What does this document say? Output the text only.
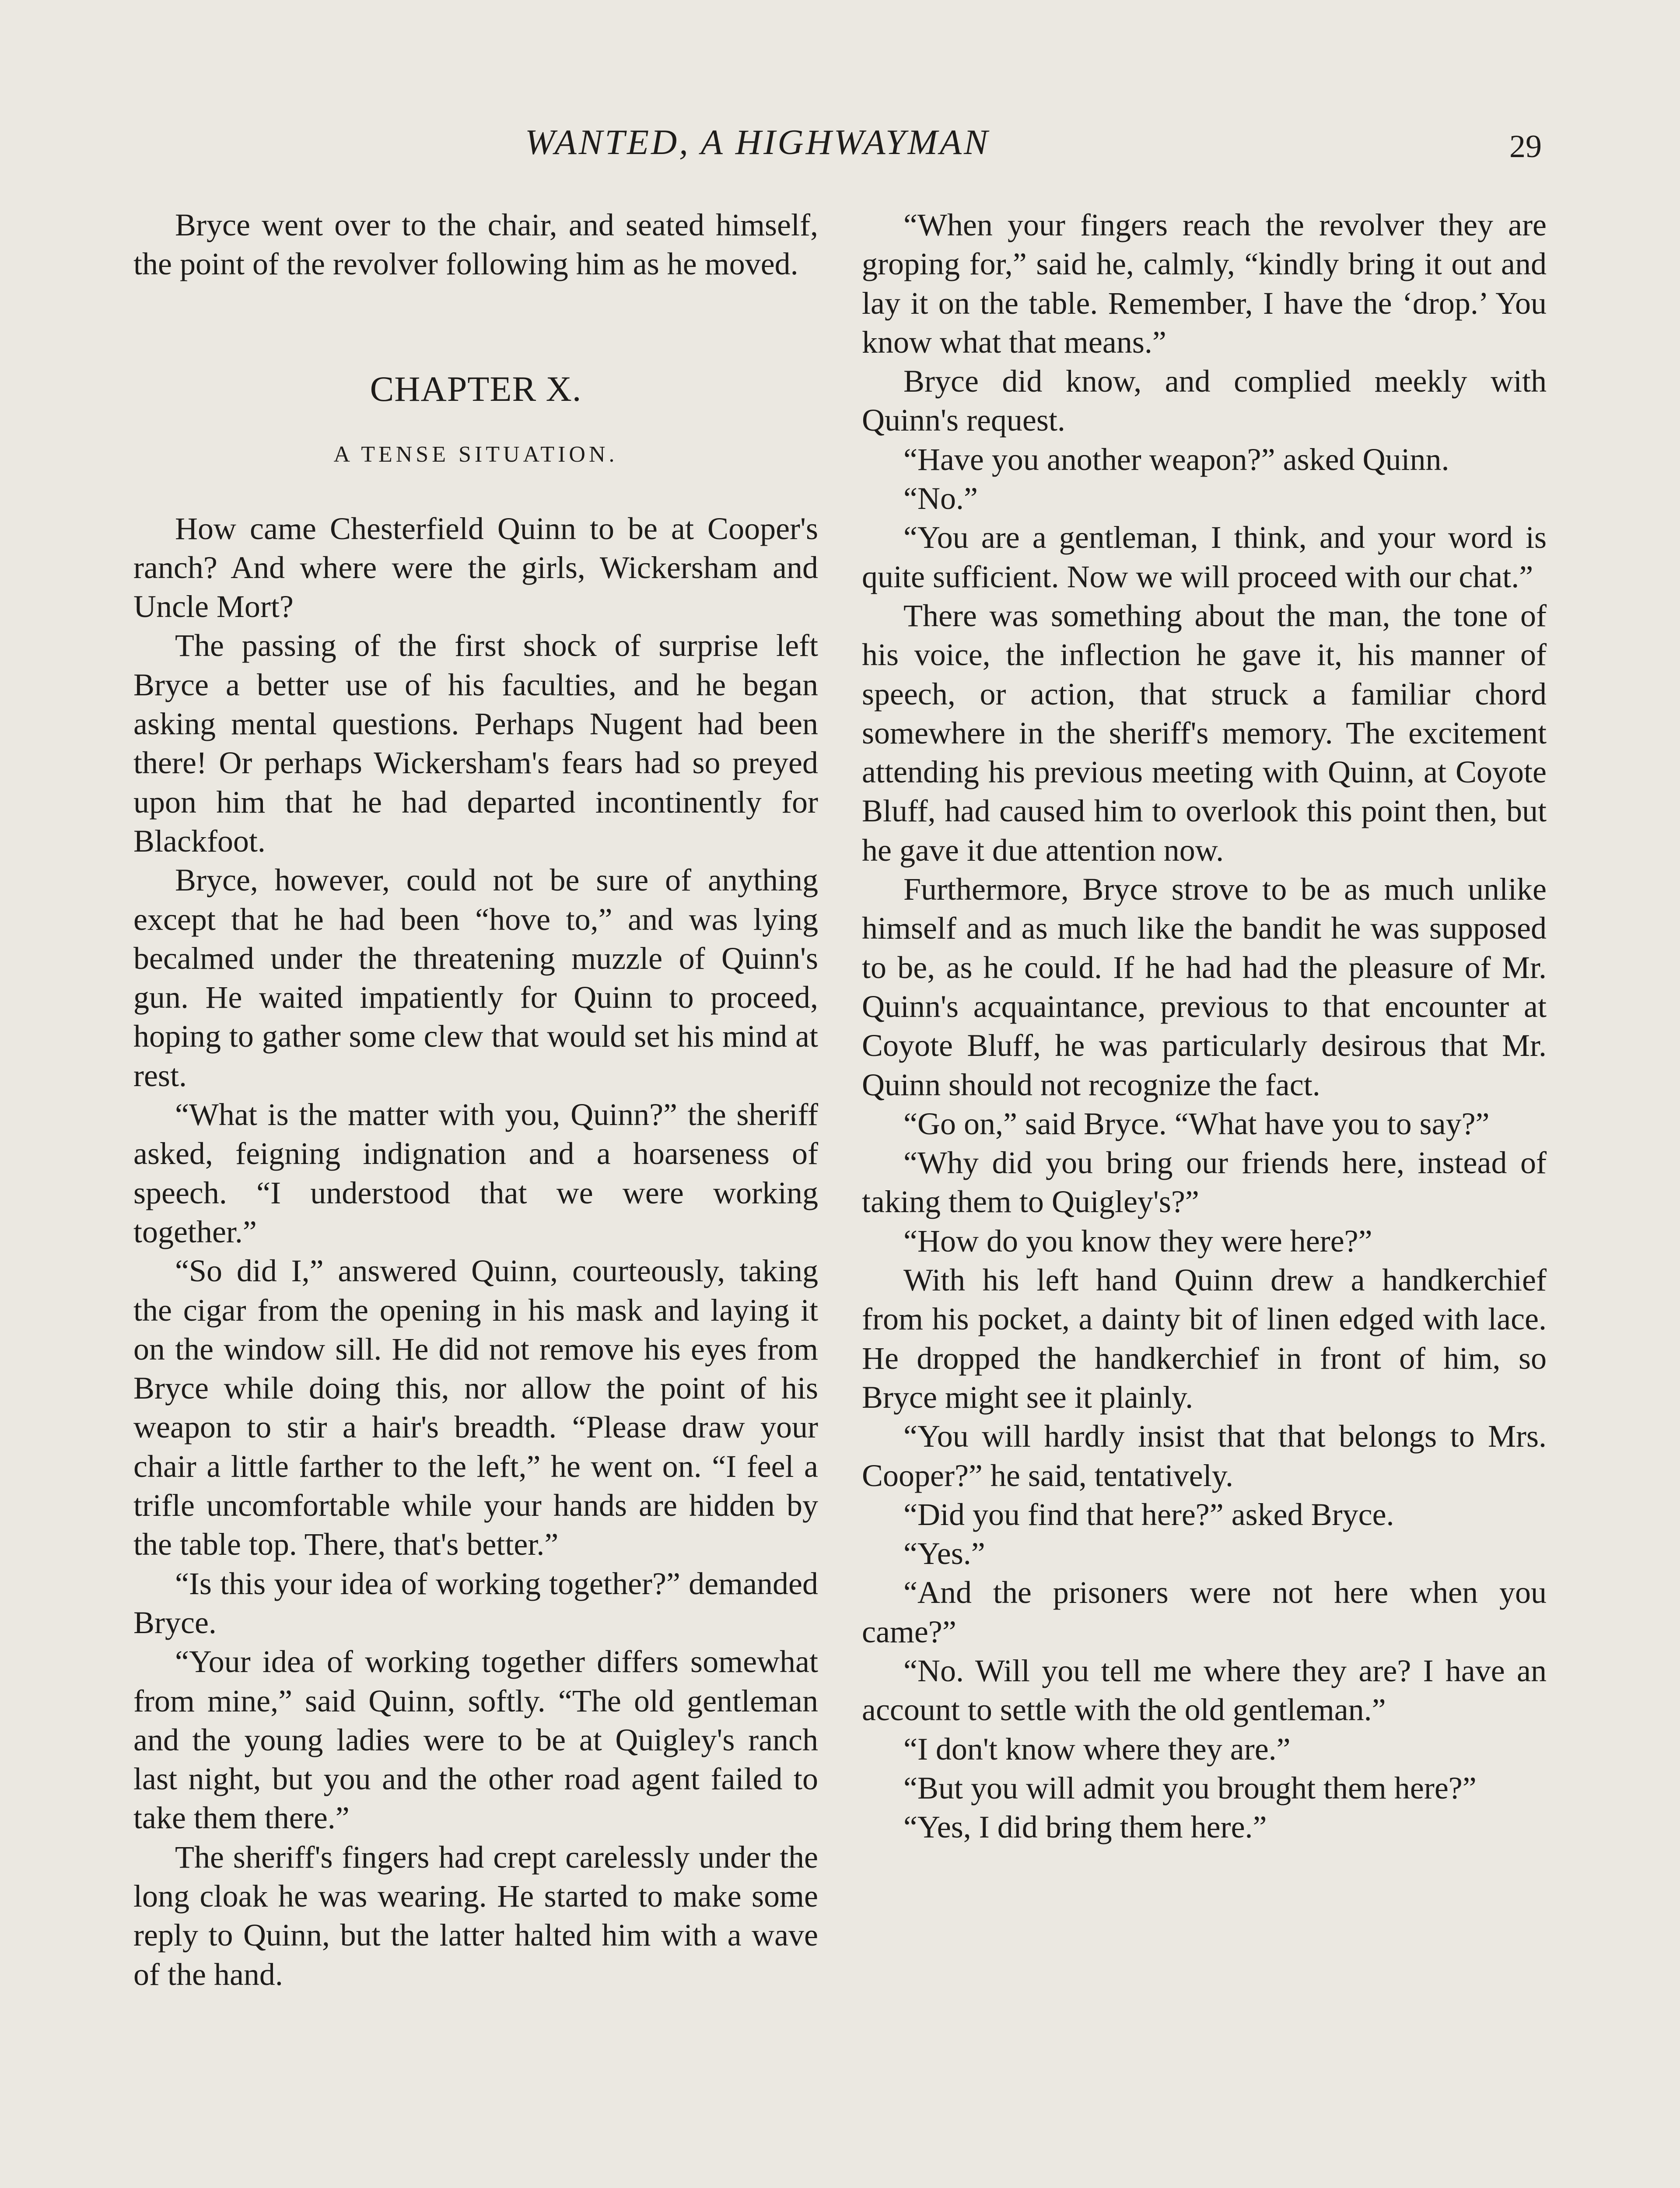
WANTED, A HIGHWAYMAN	29

Bryce went over to the chair, and seated himself, the point of the revolver following him as he moved.

CHAPTER X.
A TENSE SITUATION.

How came Chesterfield Quinn to be at Cooper's ranch? And where were the girls, Wickersham and Uncle Mort?

The passing of the first shock of surprise left Bryce a better use of his faculties, and he began asking mental questions. Perhaps Nugent had been there! Or perhaps Wickersham's fears had so preyed upon him that he had departed incontinently for Blackfoot.

Bryce, however, could not be sure of anything except that he had been “hove to,” and was lying becalmed under the threatening muzzle of Quinn's gun. He waited impatiently for Quinn to proceed, hoping to gather some clew that would set his mind at rest.

“What is the matter with you, Quinn?” the sheriff asked, feigning indignation and a hoarseness of speech. “I understood that we were working together.”

“So did I,” answered Quinn, courteously, taking the cigar from the opening in his mask and laying it on the window sill. He did not remove his eyes from Bryce while doing this, nor allow the point of his weapon to stir a hair's breadth. “Please draw your chair a little farther to the left,” he went on. “I feel a trifle uncomfortable while your hands are hidden by the table top. There, that's better.”

“Is this your idea of working together?” demanded Bryce.

“Your idea of working together differs somewhat from mine,” said Quinn, softly. “The old gentleman and the young ladies were to be at Quigley's ranch last night, but you and the other road agent failed to take them there.”

The sheriff's fingers had crept carelessly under the long cloak he was wearing. He started to make some reply to Quinn, but the latter halted him with a wave of the hand.

“When your fingers reach the revolver they are groping for,” said he, calmly, “kindly bring it out and lay it on the table. Remember, I have the ‘drop.’ You know what that means.”

Bryce did know, and complied meekly with Quinn's request.

“Have you another weapon?” asked Quinn.

“No.”

“You are a gentleman, I think, and your word is quite sufficient. Now we will proceed with our chat.”

There was something about the man, the tone of his voice, the inflection he gave it, his manner of speech, or action, that struck a familiar chord somewhere in the sheriff's memory. The excitement attending his previous meeting with Quinn, at Coyote Bluff, had caused him to overlook this point then, but he gave it due attention now.

Furthermore, Bryce strove to be as much unlike himself and as much like the bandit he was supposed to be, as he could. If he had had the pleasure of Mr. Quinn's acquaintance, previous to that encounter at Coyote Bluff, he was particularly desirous that Mr. Quinn should not recognize the fact.

“Go on,” said Bryce. “What have you to say?”

“Why did you bring our friends here, instead of taking them to Quigley's?”

“How do you know they were here?”

With his left hand Quinn drew a handkerchief from his pocket, a dainty bit of linen edged with lace. He dropped the handkerchief in front of him, so Bryce might see it plainly.

“You will hardly insist that that belongs to Mrs. Cooper?” he said, tentatively.

“Did you find that here?” asked Bryce.

“Yes.”

“And the prisoners were not here when you came?”

“No. Will you tell me where they are? I have an account to settle with the old gentleman.”

“I don't know where they are.”

“But you will admit you brought them here?”

“Yes, I did bring them here.”
